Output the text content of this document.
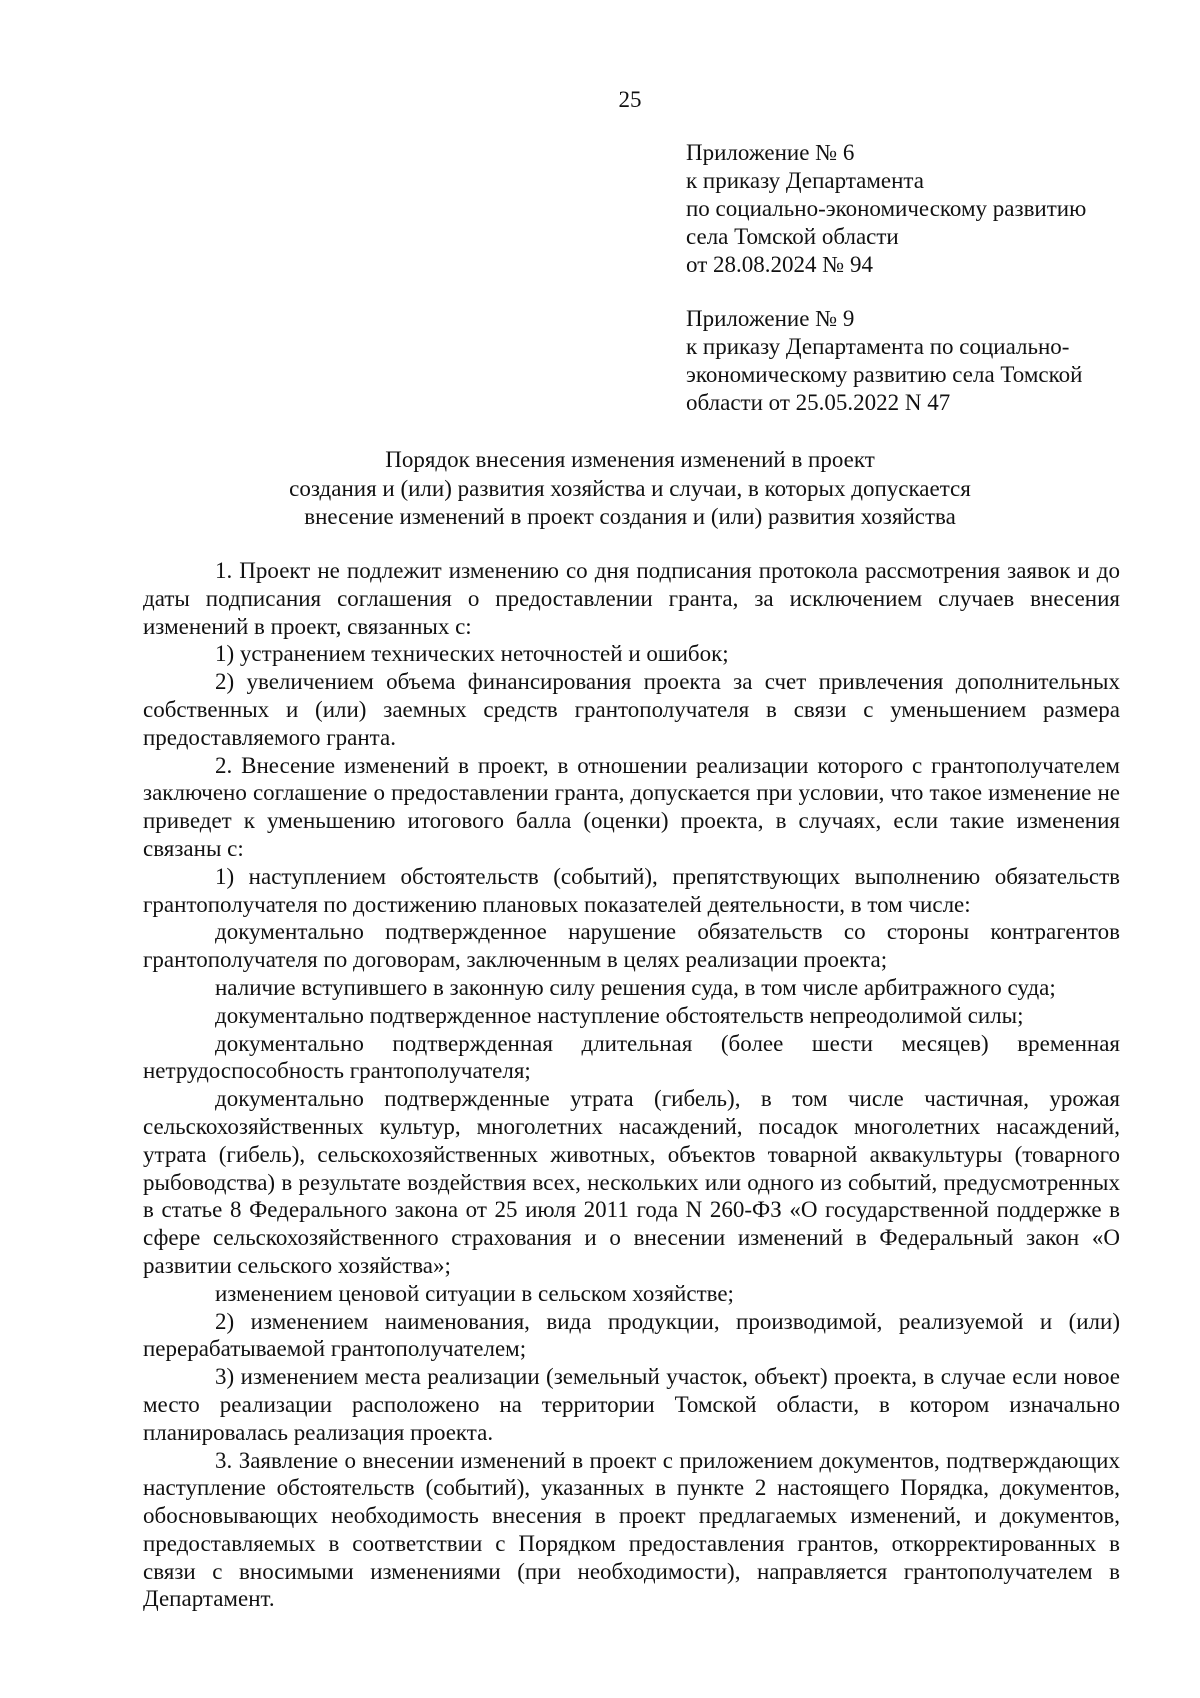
25
Приложение № 6
к приказу Департамента
по социально-экономическому развитию
села Томской области
от 28.08.2024 № 94
Приложение № 9
к приказу Департамента по социально-
экономическому развитию села Томской
области от 25.05.2022 N 47
Порядок внесения изменения изменений в проект
создания и (или) развития хозяйства и случаи, в которых допускается
внесение изменений в проект создания и (или) развития хозяйства

1. Проект не подлежит изменению со дня подписания протокола рассмотрения заявок и до даты подписания соглашения о предоставлении гранта, за исключением случаев внесения изменений в проект, связанных с:

1) устранением технических неточностей и ошибок;

2) увеличением объема финансирования проекта за счет привлечения дополнительных собственных и (или) заемных средств грантополучателя в связи с уменьшением размера предоставляемого гранта.

2. Внесение изменений в проект, в отношении реализации которого с грантополучателем заключено соглашение о предоставлении гранта, допускается при условии, что такое изменение не приведет к уменьшению итогового балла (оценки) проекта, в случаях, если такие изменения связаны с:

1) наступлением обстоятельств (событий), препятствующих выполнению обязательств грантополучателя по достижению плановых показателей деятельности, в том числе:

документально подтвержденное нарушение обязательств со стороны контрагентов грантополучателя по договорам, заключенным в целях реализации проекта;

наличие вступившего в законную силу решения суда, в том числе арбитражного суда;

документально подтвержденное наступление обстоятельств непреодолимой силы;

документально подтвержденная длительная (более шести месяцев) временная нетрудоспособность грантополучателя;

документально подтвержденные утрата (гибель), в том числе частичная, урожая сельскохозяйственных культур, многолетних насаждений, посадок многолетних насаждений, утрата (гибель), сельскохозяйственных животных, объектов товарной аквакультуры (товарного рыбоводства) в результате воздействия всех, нескольких или одного из событий, предусмотренных в статье 8 Федерального закона от 25 июля 2011 года N 260-ФЗ «О государственной поддержке в сфере сельскохозяйственного страхования и о внесении изменений в Федеральный закон «О развитии сельского хозяйства»;

изменением ценовой ситуации в сельском хозяйстве;

2) изменением наименования, вида продукции, производимой, реализуемой и (или) перерабатываемой грантополучателем;

3) изменением места реализации (земельный участок, объект) проекта, в случае если новое место реализации расположено на территории Томской области, в котором изначально планировалась реализация проекта.

3. Заявление о внесении изменений в проект с приложением документов, подтверждающих наступление обстоятельств (событий), указанных в пункте 2 настоящего Порядка, документов, обосновывающих необходимость внесения в проект предлагаемых изменений, и документов, предоставляемых в соответствии с Порядком предоставления грантов, откорректированных в связи с вносимыми изменениями (при необходимости), направляется грантополучателем в Департамент.
